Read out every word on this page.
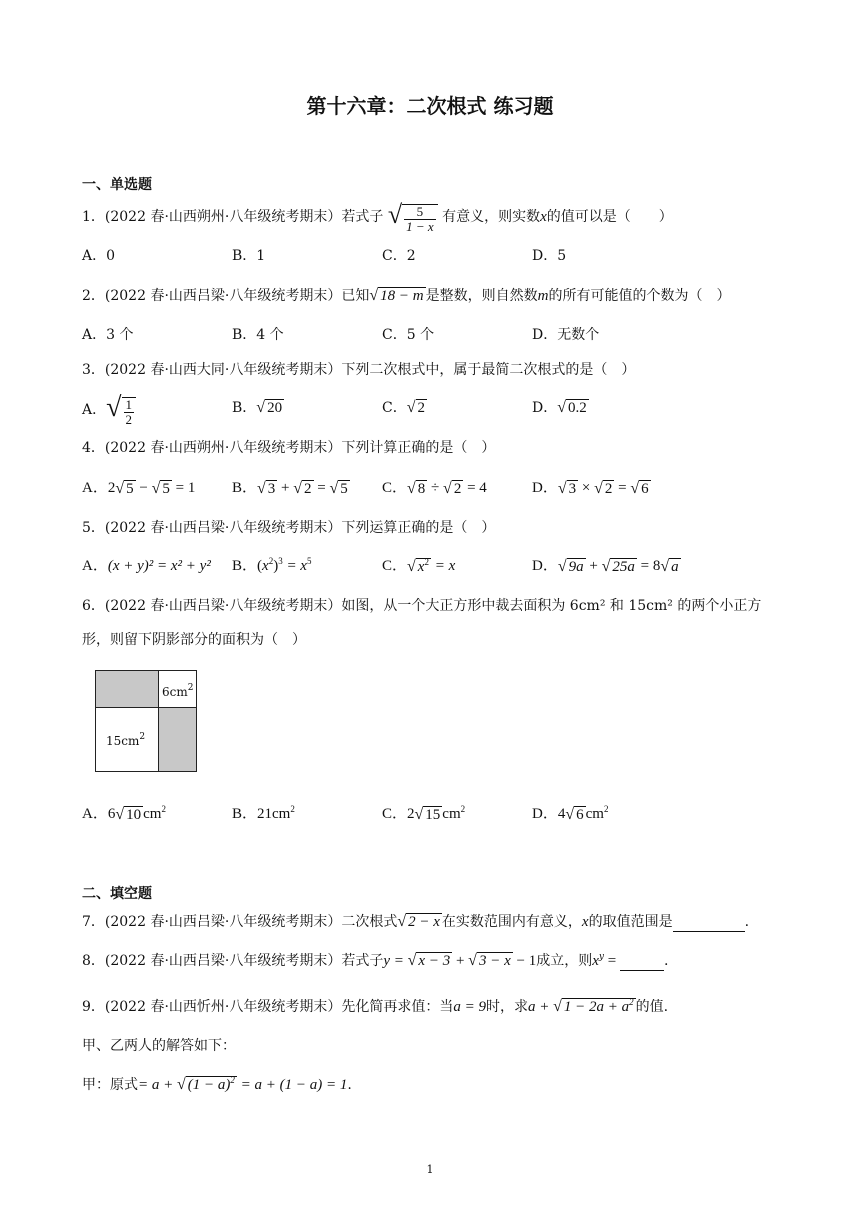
第十六章：二次根式 练习题
一、单选题
1．(2022 春·山西朔州·八年级统考期末）若式子 √ $\frac{5}{1 - x}$ 有意义，则实数x的值可以是（　　）
A．0	B．1	C．2	D．5
2．(2022 春·山西吕梁·八年级统考期末）已知√ 18 − m 是整数，则自然数m的所有可能值的个数为（　）
A．3 个	B．4 个	C．5 个	D．无数个
3．(2022 春·山西大同·八年级统考期末）下列二次根式中，属于最简二次根式的是（　）
A．√ $\frac{1}{2}$	B．√ 20	C．√ 2	D．√ 0.2
4．(2022 春·山西朔州·八年级统考期末）下列计算正确的是（　）
A．2√ 5 − √ 5 = 1 B．√ 3 + √ 2 = √ 5 C．√ 8 ÷ √ 2 = 4	D．√ 3 × √ 2 = √ 6
5．(2022 春·山西吕梁·八年级统考期末）下列运算正确的是（　）
A．(x + y)² = x² + y² B．$(x^2)^3 = x^5$	C．√ $x^2 = x$	D．√ 9a + √ 25a = 8√ a
6．(2022 春·山西吕梁·八年级统考期末）如图，从一个大正方形中裁去面积为 6cm² 和 15cm² 的两个小正方
形，则留下阴影部分的面积为（　）
$6cm^2$
$15cm^2$
A．6√ 10 $cm^2$	B．$21cm^2$	C．2√ 15 $cm^2$	D．4√ 6 $cm^2$
二、填空题
7．(2022 春·山西吕梁·八年级统考期末）二次根式√ 2 − x 在实数范围内有意义，x的取值范围是	.
8．(2022 春·山西吕梁·八年级统考期末）若式子y = √ x − 3 + √ 3 − x − 1成立，则$x^y$ =	.
9．(2022 春·山西忻州·八年级统考期末）先化简再求值：当a = 9时，求a + √ $1 - 2a + a^2$ 的值.
甲、乙两人的解答如下：
甲：原式= a + √ $(1 - a)^2 = a + (1 - a) = 1$.
1
